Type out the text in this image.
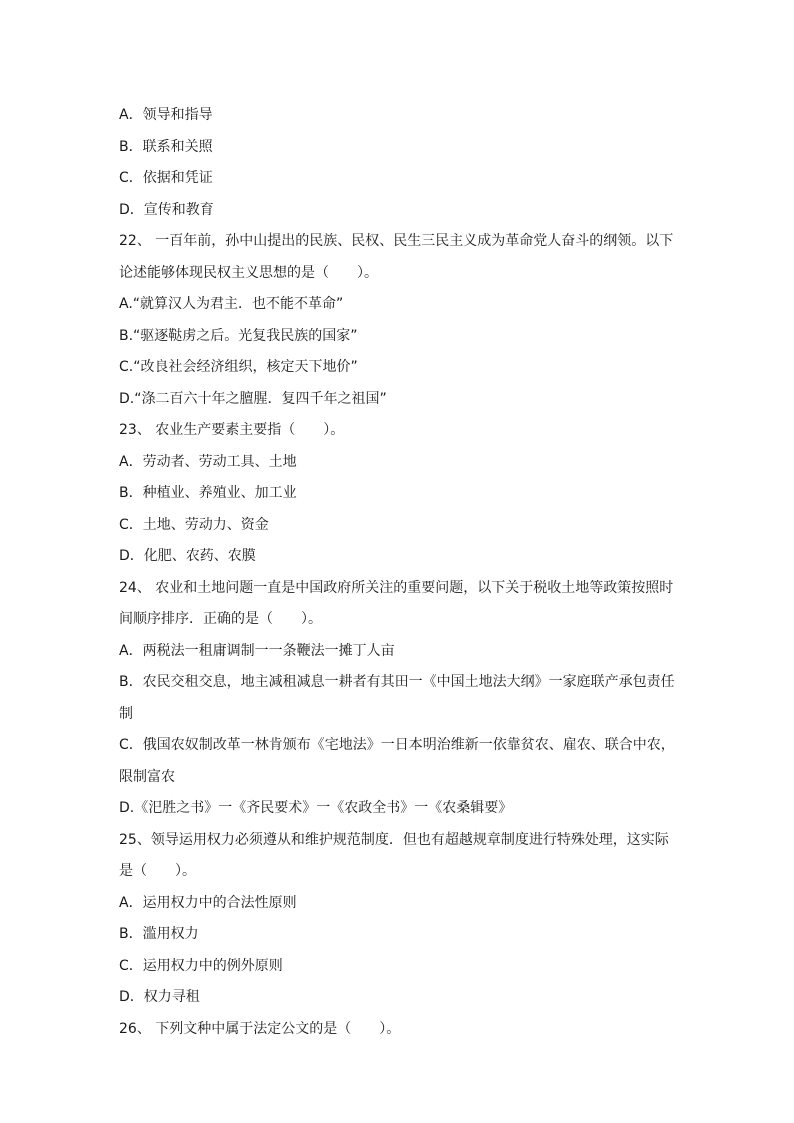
A．领导和指导
B．联系和关照
C．依据和凭证
D．宣传和教育
22、 一百年前，孙中山提出的民族、民权、民生三民主义成为革命党人奋斗的纲领。以下
论述能够体现民权主义思想的是（　　）。
A.“就算汉人为君主．也不能不革命”
B.“驱逐鞑虏之后。光复我民族的国家”
C.“改良社会经济组织，核定天下地价”
D.“涤二百六十年之膻腥．复四千年之祖国”
23、 农业生产要素主要指（　　）。
A．劳动者、劳动工具、土地
B．种植业、养殖业、加工业
C．土地、劳动力、资金
D．化肥、农药、农膜
24、 农业和土地问题一直是中国政府所关注的重要问题，以下关于税收土地等政策按照时
间顺序排序．正确的是（　　）。
A．两税法一租庸调制一一条鞭法一摊丁人亩
B．农民交租交息，地主减租减息一耕者有其田一《中国土地法大纲》一家庭联产承包责任
制
C．俄国农奴制改革一林肯颁布《宅地法》一日本明治维新一依靠贫农、雇农、联合中农，
限制富农
D.《汜胜之书》一《齐民要术》一《农政全书》一《农桑辑要》
25、领导运用权力必须遵从和维护规范制度．但也有超越规章制度进行特殊处理，这实际
是（　　）。
A．运用权力中的合法性原则
B．滥用权力
C．运用权力中的例外原则
D．权力寻租
26、 下列文种中属于法定公文的是（　　）。
